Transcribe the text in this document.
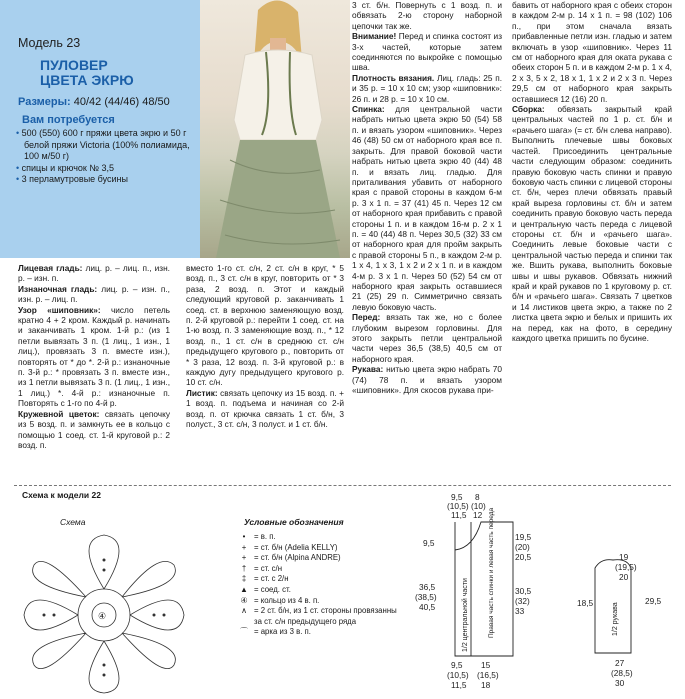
Модель 23
ПУЛОВЕР
ЦВЕТА ЭКРЮ
Размеры: 40/42 (44/46) 48/50
Вам потребуется
• 500 (550) 600 г пряжи цвета экрю и 50 г белой пряжи Victoria (100% полиамида, 100 м/50 г)
• спицы и крючок № 3,5
• 3 перламутровые бусины
Лицевая гладь: лиц. р. – лиц. п., изн. р. – изн. п.
Изнаночная гладь: лиц. р. – изн. п., изн. р. – лиц. п.
Узор «шиповник»: число петель кратно 4 + 2 кром. Каждый р. начинать и заканчивать 1 кром. 1-й р.: (из 1 петли вывязать 3 п. (1 лиц., 1 изн., 1 лиц.), провязать 3 п. вместе изн.), повторять от * до *. 2-й р.: изнаночные п. 3-й р.: * провязать 3 п. вместе изн., из 1 петли вывязать 3 п. (1 лиц., 1 изн., 1 лиц.) *. 4-й р.: изнаночные п. Повторять с 1-го по 4-й р.
Кружевной цветок: связать цепочку из 5 возд. п. и замкнуть ее в кольцо с помощью 1 соед. ст. 1-й круговой р.: 2 возд. п.
вместо 1-го ст. с/н, 2 ст. с/н в круг, * 5 возд. п., 3 ст. с/н в круг, повторить от * 3 раза, 2 возд. п. Этот и каждый следующий круговой р. заканчивать 1 соед. ст. в верхнюю заменяющую возд. п. 2-й круговой р.: перейти 1 соед. ст. на 1-ю возд. п. 3 заменяющие возд. п., * 12 возд. п., 1 ст. с/н в среднюю ст. с/н предыдущего кругового р., повторить от * 3 раза, 12 возд. п. 3-й круговой р.: в каждую дугу предыдущего кругового р. 10 ст. с/н.
Листик: связать цепочку из 15 возд. п. + 1 возд. п. подъема и начиная со 2-й возд. п. от крючка связать 1 ст. б/н, 3 полуст., 3 ст. с/н, 3 полуст. и 1 ст. б/н.
3 ст. б/н. Повернуть с 1 возд. п. и обвязать 2-ю сторону наборной цепочки так же.
Внимание! Перед и спинка состоят из 3-х частей, которые затем соединяются по выкройке с помощью шва.
Плотность вязания. Лиц. гладь: 25 п. и 35 р. = 10 х 10 см; узор «шиповник»: 26 п. и 28 р. = 10 х 10 см.
Спинка: для центральной части набрать нитью цвета экрю 50 (54) 58 п. и вязать узором «шиповник». Через 46 (48) 50 см от наборного края все п. закрыть. Для правой боковой части набрать нитью цвета экрю 40 (44) 48 п. и вязать лиц. гладью. Для приталивания убавить от наборного края с правой стороны в каждом 6-м р. 3 х 1 п. = 37 (41) 45 п. Через 12 см от наборного края прибавить с правой стороны 1 п. и в каждом 16-м р. 2 х 1 п. = 40 (44) 48 п. Через 30,5 (32) 33 см от наборного края для пройм закрыть с правой стороны 5 п., в каждом 2-м р. 1 х 4, 1 х 3, 1 х 2 и 2 х 1 п. и в каждом 4-м р. 3 х 1 п. Через 50 (52) 54 см от наборного края закрыть оставшиеся 21 (25) 29 п. Симметрично связать левую боковую часть.
Перед: вязать так же, но с более глубоким вырезом горловины. Для этого закрыть петли центральной части через 36,5 (38,5) 40,5 см от наборного края.
Рукава: нитью цвета экрю набрать 70 (74) 78 п. и вязать узором «шиповник». Для скосов рукава при-
бавить от наборного края с обеих сторон в каждом 2-м р. 14 х 1 п. = 98 (102) 106 п., при этом сначала вязать прибавленные петли изн. гладью и затем включать в узор «шиповник». Через 11 см от наборного края для оката рукава с обеих сторон 5 п. и в каждом 2-м р. 1 х 4, 2 х 3, 5 х 2, 18 х 1, 1 х 2 и 2 х 3 п. Через 29,5 см от наборного края закрыть оставшиеся 12 (16) 20 п.
Сборка: обвязать закрытый край центральных частей по 1 р. ст. б/н и «рачьего шага» (= ст. б/н слева направо). Выполнить плечевые швы боковых частей. Присоединить центральные части следующим образом: соединить правую боковую часть спинки и правую боковую часть спинки с лицевой стороны ст. б/н, через плечи обвязать правый край выреза горловины ст. б/н и затем соединить правую боковую часть переда и центральную часть переда с лицевой стороны ст. б/н и «рачьего шага». Соединить левые боковые части с центральной частью переда и спинки так же. Вшить рукава, выполнить боковые швы и швы рукавов. Обвязать нижний край и край рукавов по 1 круговому р. ст. б/н и «рачьего шага». Связать 7 цветков и 14 листиков цвета экрю, а также по 2 листка цвета экрю и белых и пришить их на перед, как на фото, в середину каждого цветка пришить по бусине.
Схема к модели 22
Схема
④
Условные обозначения
•	= в. п.
+ = ст. б/н (Adelia KELLY)
+ = ст. б/н (Alpina ANDRE)
†	= ст. с/н
‡	= ст. с 2/н
▲ = соед. ст.
④ = кольцо из 4 в. п.
∧ = 2 ст. б/н, из 1 ст. стороны провязанны за ст. с/н предыдущего ряда
⌒ = арка из 3 в. п.
9,5
(10,5)
11,5
8
(10)
12
9,5
36,5
(38,5)
40,5
19,5
(20)
20,5
30,5
(32)
33
9,5
(10,5)
11,5
15
(16,5)
18
19
(19,5)
20
18,5	29,5
27
(28,5)
30
1/2 центральной части	Правая часть спинки и левая часть переда	1/2 рукава
